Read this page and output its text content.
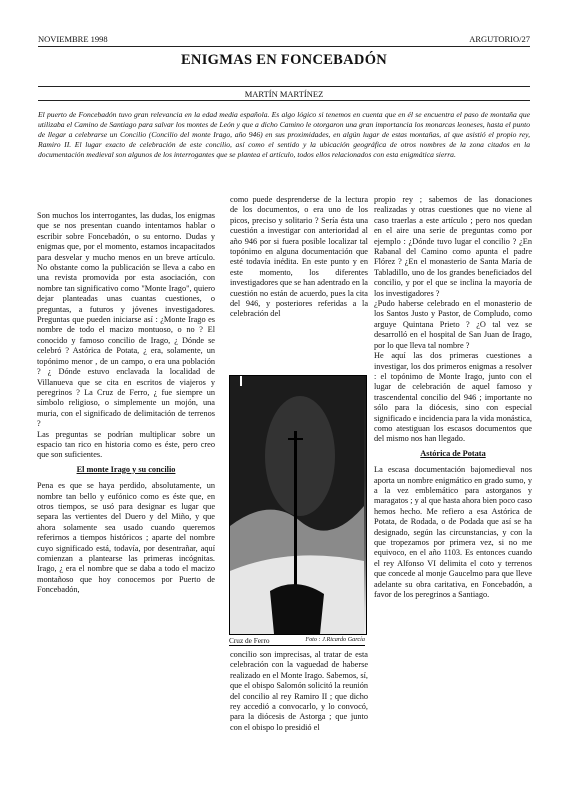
NOVIEMBRE 1998	ARGUTORIO/27
ENIGMAS EN FONCEBADÓN
MARTÍN MARTÍNEZ
El puerto de Foncebadón tuvo gran relevancia en la edad media española. Es algo lógico si tenemos en cuenta que en él se encuentra el paso de montaña que utilizaba el Camino de Santiago para salvar los montes de León y que a dicho Camino le otorgaron una gran importancia los monarcas leoneses, hasta el punto de llegar a celebrarse un Concilio (Concilio del monte Irago, año 946) en sus proximidades, en algún lugar de estas montañas, al que asistió el propio rey, Ramiro II. El lugar exacto de celebración de este concilio, así como el sentido y la ubicación geográfica de otros nombres de la zona citados en la documentación medieval son algunos de los interrogantes que se plantea el artículo, todos ellos relacionados con esta enigmática sierra.

Son muchos los interrogantes, las dudas, los enigmas que se nos presentan cuando intentamos hablar o escribir sobre Foncebadón, o su entorno. Dudas y enigmas que, por el momento, estamos incapacitados para desvelar y mucho menos en un breve artículo. No obstante como la publicación se lleva a cabo en una revista promovida por esta asociación, con nombre tan significativo como "Monte Irago", quiero dejar planteadas unas cuantas cuestiones, o preguntas, a futuros y jóvenes investigadores. Preguntas que pueden iniciarse así : ¿Monte Irago es nombre de todo el macizo montuoso, o no ? El conocido y famoso concilio de Irago, ¿ Dónde se celebró ? Astórica de Potata, ¿ era, solamente, un topónimo menor , de un campo, o era una población ? ¿ Dónde estuvo enclavada la localidad de Villanueva que se cita en escritos de viajeros y peregrinos ? La Cruz de Ferro, ¿ fue siempre un símbolo religioso, o simplemente un mojón, una muria, con el significado de delimitación de terrenos ?

Las preguntas se podrían multiplicar sobre un espacio tan rico en historia como es éste, pero creo que son suficientes.

El monte Irago y su concilio

Pena es que se haya perdido, absolutamente, un nombre tan bello y eufónico como es éste que, en otros tiempos, se usó para designar es lugar que separa las vertientes del Duero y del Miño, y que ahora solamente sea usado cuando queremos referirnos a tiempos históricos ; aparte del nombre cuyo significado está, todavía, por desentrañar, aquí comienzan a plantearse las primeras incógnitas. Irago, ¿ era el nombre que se daba a todo el macizo montañoso que hoy conocemos por Puerto de Foncebadón,

como puede desprenderse de la lectura de los documentos, o era uno de los picos, preciso y solitario ? Sería ésta una cuestión a investigar con anterioridad al año 946 por si fuera posible localizar tal topónimo en alguna documentación que esté todavía inédita. En este punto y en este momento, los diferentes investigadores que se han adentrado en la cuestión no están de acuerdo, pues la cita del 946, y posteriores referidas a la celebración del

Cruz de Ferro	Foto : J.Ricardo García

concilio son imprecisas, al tratar de esta celebración con la vaguedad de haberse realizado en el Monte Irago. Sabemos, sí, que el obispo Salomón solicitó la reunión del concilio al rey Ramiro II ; que dicho rey accedió a convocarlo, y lo convocó, para la diócesis de Astorga ; que junto con el obispo lo presidió el

propio rey ; sabemos de las donaciones realizadas y otras cuestiones que no viene al caso traerlas a este artículo ; pero nos quedan en el aire una serie de preguntas como por ejemplo : ¿Dónde tuvo lugar el concilio ? ¿En Rabanal del Camino como apunta el padre Flórez ? ¿En el monasterio de Santa María de Tabladillo, uno de los grandes beneficiados del concilio, y por el que se inclina la mayoría de los investigadores ?

¿Pudo haberse celebrado en el monasterio de los Santos Justo y Pastor, de Compludo, como arguye Quintana Prieto ? ¿O tal vez se desarrolló en el hospital de San Juan de Irago, por lo que lleva tal nombre ?

He aquí las dos primeras cuestiones a investigar, los dos primeros enigmas a resolver : el topónimo de Monte Irago, junto con el lugar de celebración de aquel famoso y trascendental concilio del 946 ; importante no sólo para la diócesis, sino con especial significado e incidencia para la vida monástica, como atestiguan los escasos documentos que del mismo nos han llegado.

Astórica de Potata

La escasa documentación bajomedieval nos aporta un nombre enigmático en grado sumo, y a la vez emblemático para astorganos y maragatos ; y al que hasta ahora bien poco caso hemos hecho. Me refiero a esa Astórica de Potata, de Rodada, o de Podada que así se ha designado, según las circunstancias, y con la que tropezamos por primera vez, si no me equivoco, en el año 1103. Es entonces cuando el rey Alfonso VI delimita el coto y terrenos que concede al monje Gaucelmo para que lleve adelante su obra caritativa, en Foncebadón, a favor de los peregrinos a Santiago.
